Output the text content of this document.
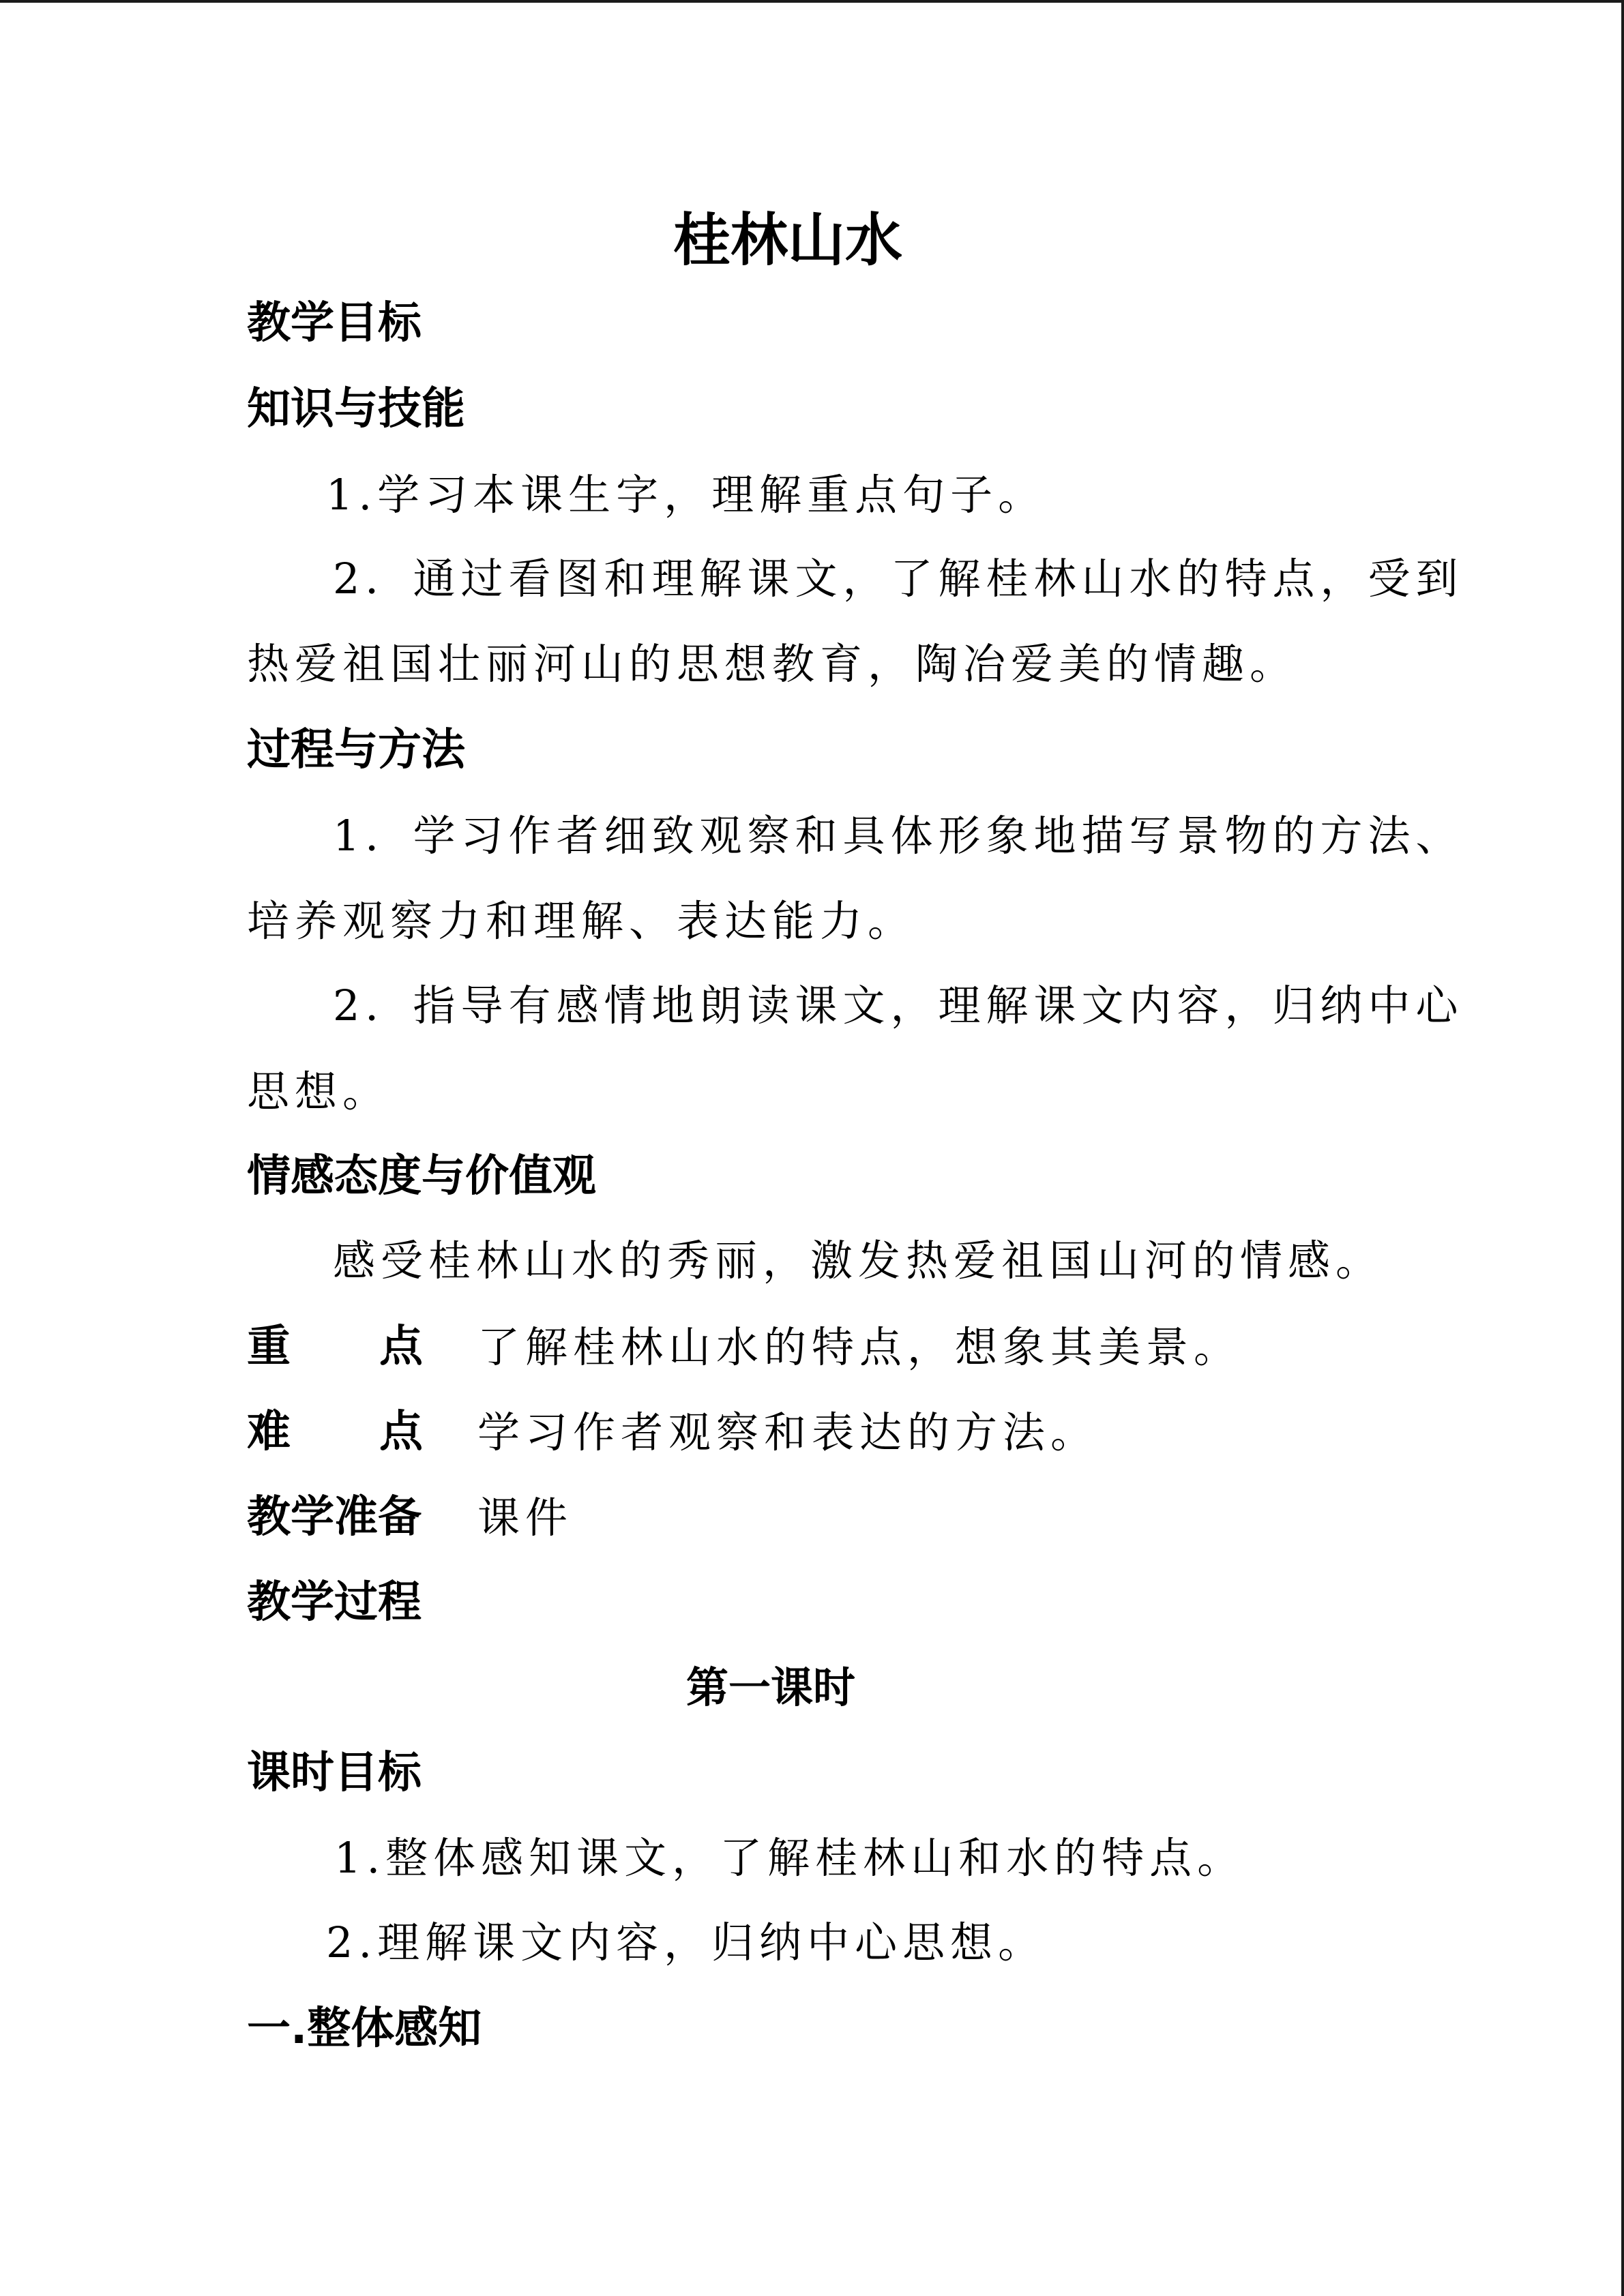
桂林山水
教学目标
知识与技能
1.学习本课生字，理解重点句子。
2．通过看图和理解课文，了解桂林山水的特点，受到
热爱祖国壮丽河山的思想教育，陶冶爱美的情趣。
过程与方法
1．学习作者细致观察和具体形象地描写景物的方法、
培养观察力和理解、表达能力。
2．指导有感情地朗读课文，理解课文内容，归纳中心
思想。
情感态度与价值观
感受桂林山水的秀丽，激发热爱祖国山河的情感。
重 点 了解桂林山水的特点，想象其美景。
难 点 学习作者观察和表达的方法。
教学准备 课件
教学过程
第一课时
课时目标
1.整体感知课文，了解桂林山和水的特点。
2.理解课文内容，归纳中心思想。
一.整体感知
